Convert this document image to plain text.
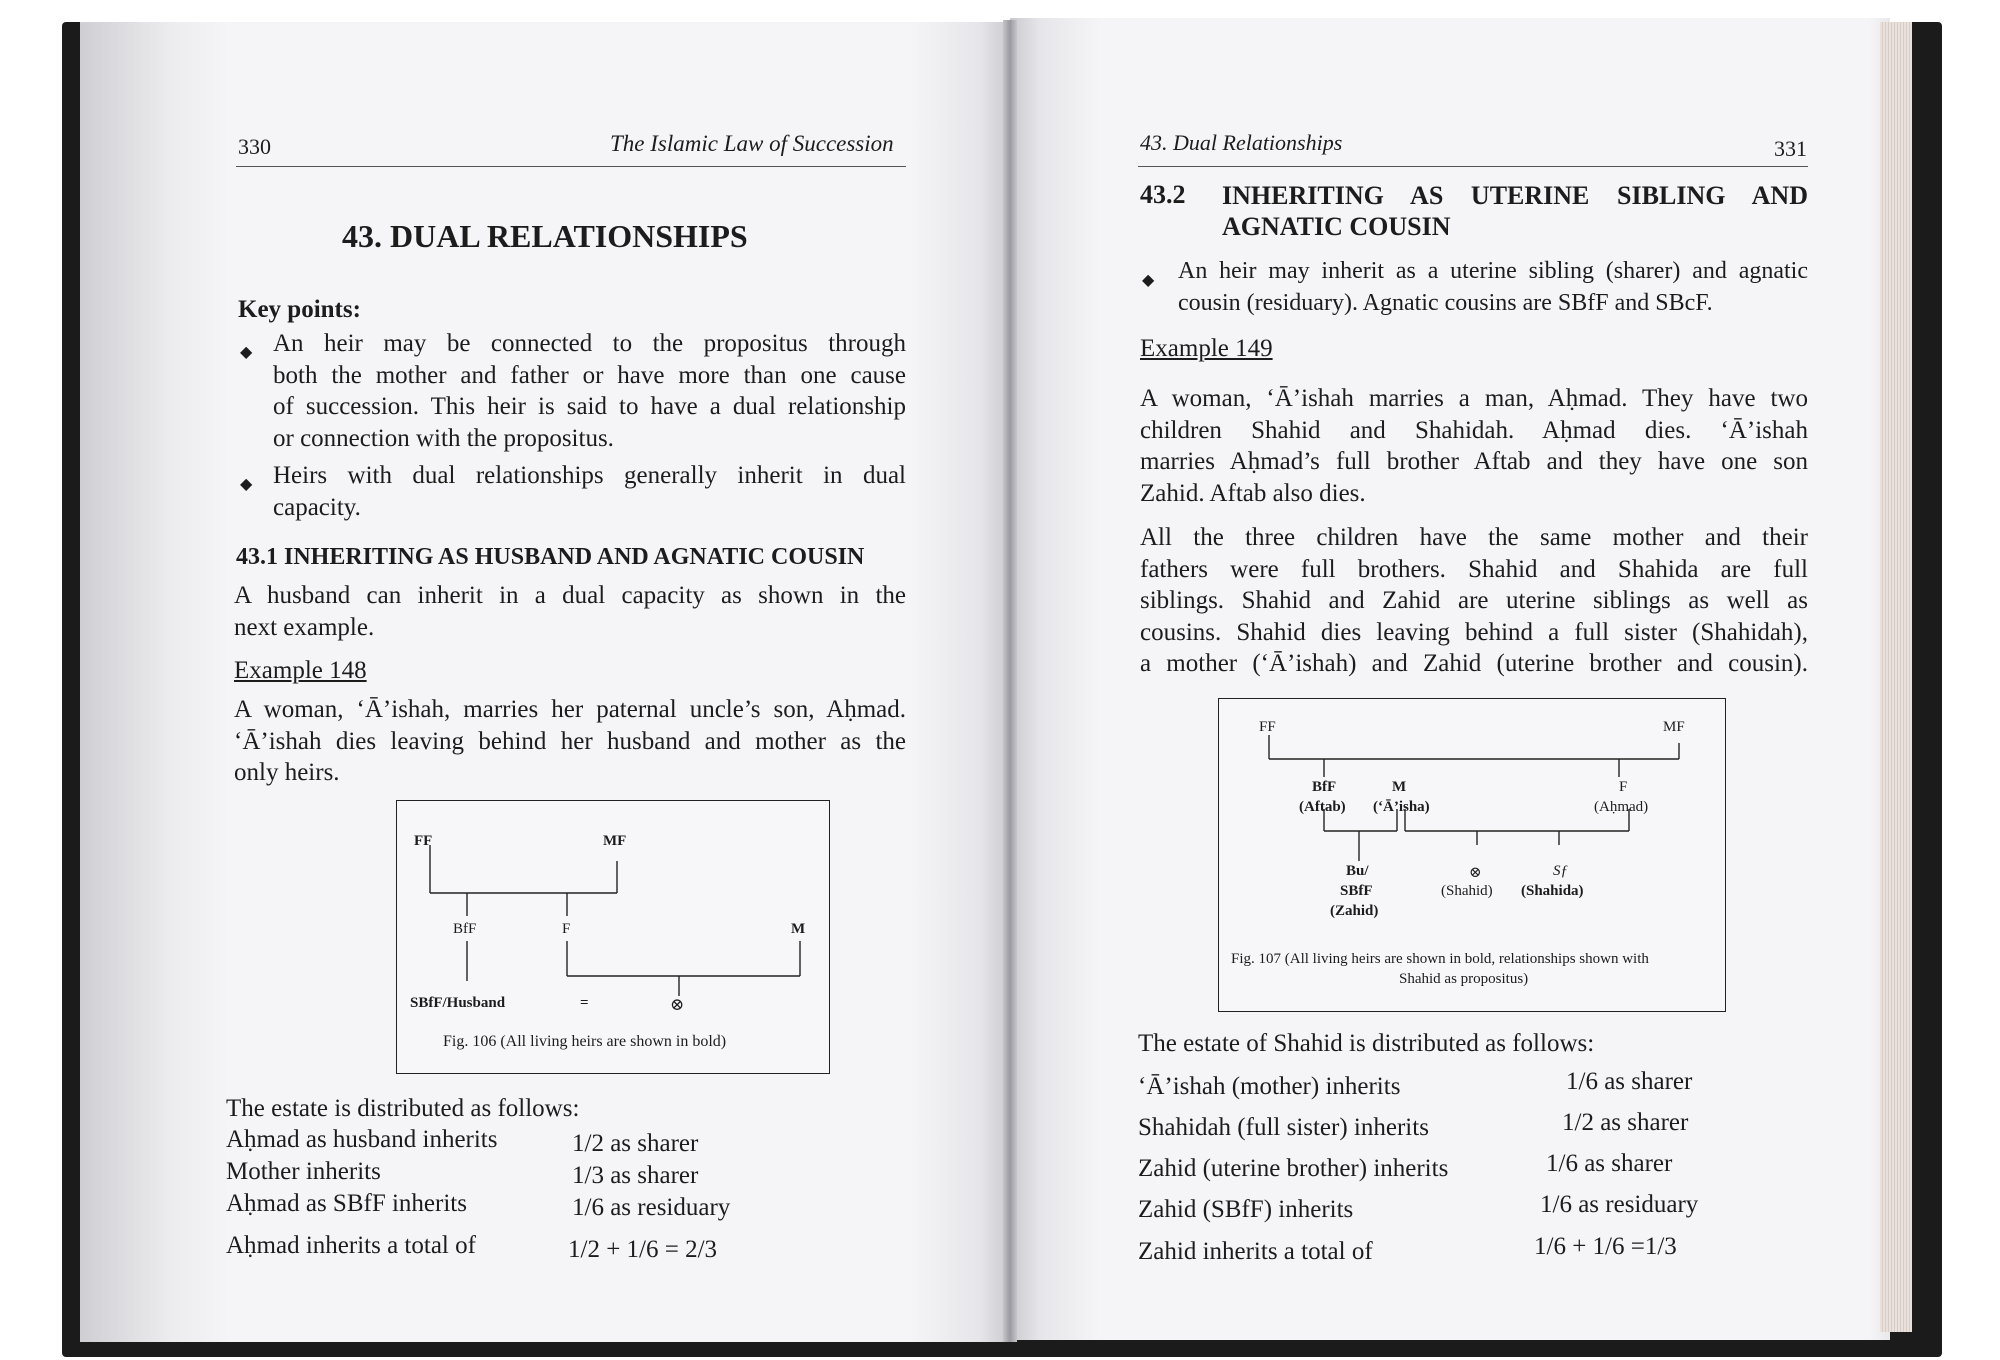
330	The Islamic Law of Succession
43. DUAL RELATIONSHIPS
Key points:
◆ An heir may be connected to the propositus through
both the mother and father or have more than one cause
of succession. This heir is said to have a dual relationship
or connection with the propositus.
◆ Heirs with dual relationships generally inherit in dual
capacity.
43.1 INHERITING AS HUSBAND AND AGNATIC COUSIN
A husband can inherit in a dual capacity as shown in the
next example.
Example 148
A woman, ‘Ā’ishah, marries her paternal uncle’s son, Aḥmad.
‘Ā’ishah dies leaving behind her husband and mother as the
only heirs.
FF	MF
BfF	F	M
SBfF/Husband	=	⊗
Fig. 106 (All living heirs are shown in bold)
The estate is distributed as follows:
Aḥmad as husband inherits	1/2 as sharer
Mother inherits	1/3 as sharer
Aḥmad as SBfF inherits	1/6 as residuary
Aḥmad inherits a total of	1/2 + 1/6 = 2/3
43. Dual Relationships	331
43.2 INHERITING AS UTERINE SIBLING AND
AGNATIC COUSIN
◆ An heir may inherit as a uterine sibling (sharer) and agnatic
cousin (residuary). Agnatic cousins are SBfF and SBcF.
Example 149
A woman, ‘Ā’ishah marries a man, Aḥmad. They have two
children Shahid and Shahidah. Aḥmad dies. ‘Ā’ishah
marries Aḥmad’s full brother Aftab and they have one son
Zahid. Aftab also dies.
All the three children have the same mother and their
fathers were full brothers. Shahid and Shahida are full
siblings. Shahid and Zahid are uterine siblings as well as
cousins. Shahid dies leaving behind a full sister (Shahidah),
a mother (‘Ā’ishah) and Zahid (uterine brother and cousin).
FF	MF
BfF
(Aftab)
M
(‘Ā’isha)
F
(Aḥmad)
Bu/
SBfF
(Zahid)
⊗
(Shahid)
Sƒ
(Shahida)
Fig. 107 (All living heirs are shown in bold, relationships shown with
Shahid as propositus)
The estate of Shahid is distributed as follows:
‘Ā’ishah (mother) inherits	1/6 as sharer
Shahidah (full sister) inherits	1/2 as sharer
Zahid (uterine brother) inherits	1/6 as sharer
Zahid (SBfF) inherits	1/6 as residuary
Zahid inherits a total of	1/6 + 1/6 =1/3
